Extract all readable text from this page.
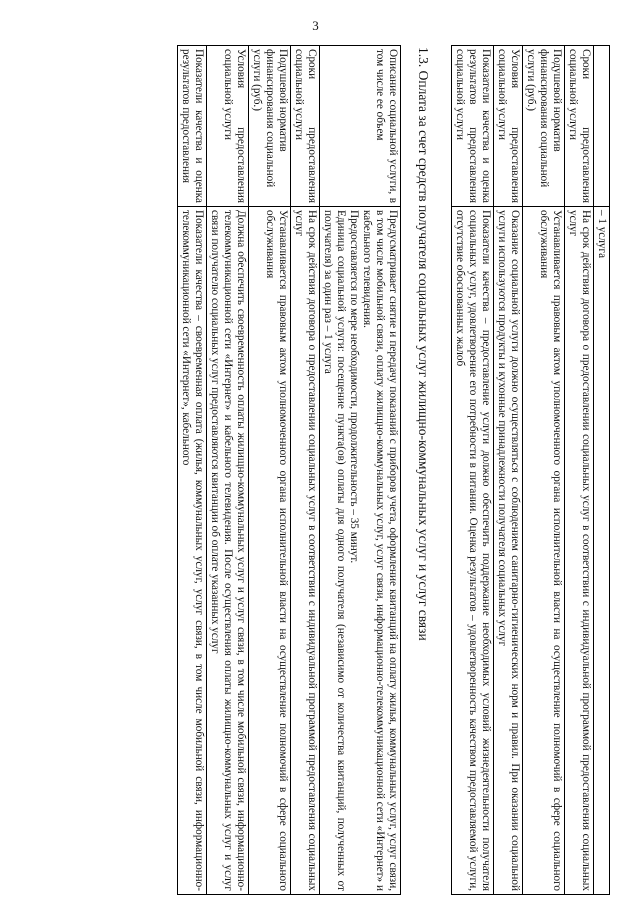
3
	– 1 услуга
Сроки предоставления социальной услуги	На срок действия договора о предоставлении социальных услуг в соответствии с индивидуальной программой предоставления социальных услуг
Подушевой норматив финансирования социальной услуги (руб.)	Устанавливается правовым актом уполномоченного органа исполнительной власти на осуществление полномочий в сфере социального обслуживания
Условия предоставления социальной услуги	Оказание социальной услуги должно осуществляться с соблюдением санитарно-гигиенических норм и правил. При оказании социальной услуги используются продукты и кухонные принадлежности получателя социальных услуг
Показатели качества и оценка результатов предоставления социальной услуги	Показатели качества – предоставление услуги должно обеспечить поддержание необходимых условий жизнедеятельности получателя социальных услуг, удовлетворение его потребности в питании. Оценка результатов – удовлетворенность качеством предоставляемой услуги, отсутствие обоснованных жалоб
1.3. Оплата за счет средств получателя социальных услуг жилищно-коммунальных услуг и услуг связи
Описание социальной услуги, в том числе ее объем	Предусматривает снятие и передачу показаний с приборов учета, оформление квитанций на оплату жилья, коммунальных услуг, услуг связи, в том числе мобильной связи, оплату жилищно-коммунальных услуг, услуг связи, информационно-телекоммуникационной сети «Интернет» и кабельного телевидения.
Предоставляется по мере необходимости, продолжительность – 35 минут.
Единица социальной услуги: посещение пункта(ов) оплаты для одного получателя (независимо от количества квитанций, полученных от получателя) за один раз – 1 услуга

Сроки предоставления социальной услуги	На срок действия договора о предоставлении социальных услуг в соответствии с индивидуальной программой предоставления социальных услуг
Подушевой норматив финансирования социальной услуги (руб.)	Устанавливается правовым актом уполномоченного органа исполнительной власти на осуществление полномочий в сфере социального обслуживания
Условия предоставления социальной услуги	Должна обеспечить своевременность оплаты жилищно-коммунальных услуг и услуг связи, в том числе мобильной связи, информационно-телекоммуникационной сети «Интернет» и кабельного телевидения. После осуществления оплаты жилищно-коммунальных услуг и услуг связи получателю социальных услуг предоставляются квитанции об оплате указанных услуг
Показатели качества и оценка результатов предоставления	Показатели качества – своевременная оплата (жилья, коммунальных услуг, услуг связи, в том числе мобильной связи, информационно-телекоммуникационной сети «Интернет», кабельного
